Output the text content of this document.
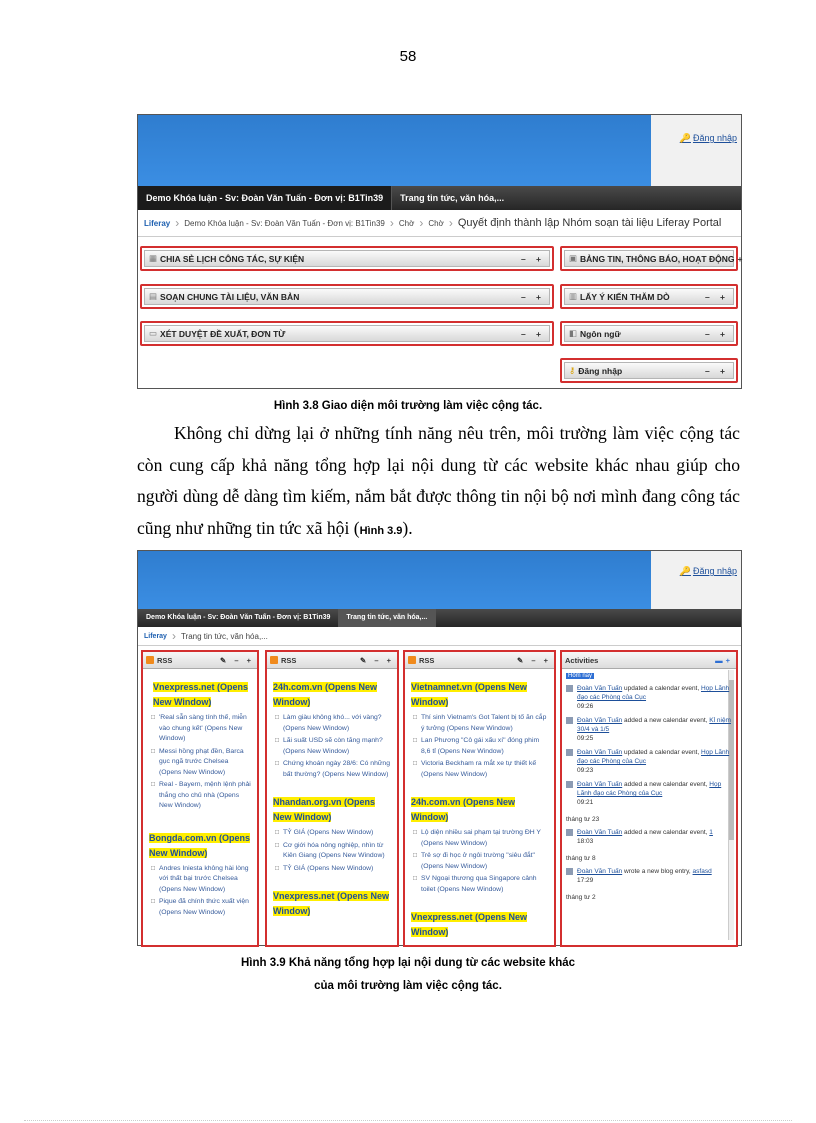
58
🔑 Đăng nhập
Demo Khóa luận - Sv: Đoàn Văn Tuấn - Đơn vị: B1Tin39	Trang tin tức, văn hóa,...
Liferay › Demo Khóa luận - Sv: Đoàn Văn Tuấn - Đơn vị: B1Tin39 › Chờ › Chờ › Quyết định thành lập Nhóm soạn tài liệu Liferay Portal
▦ CHIA SẺ LỊCH CÔNG TÁC, SỰ KIỆN	– +
▤ SOẠN CHUNG TÀI LIỆU, VĂN BẢN	– +
▭ XÉT DUYỆT ĐỀ XUẤT, ĐƠN TỪ	– +
▣ BẢNG TIN, THÔNG BÁO, HOẠT ĐỘNG +
▥ LẤY Ý KIẾN THĂM DÒ	– +
◧ Ngôn ngữ	– +
⚷ Đăng nhập	– +
Hình 3.8 Giao diện môi trường làm việc cộng tác.

Không chỉ dừng lại ở những tính năng nêu trên, môi trường làm việc cộng tác còn cung cấp khả năng tổng hợp lại nội dung từ các website khác nhau giúp cho người dùng dễ dàng tìm kiếm, nắm bắt được thông tin nội bộ nơi mình đang công tác cũng như những tin tức xã hội (Hình 3.9).

🔑 Đăng nhập
Demo Khóa luận - Sv: Đoàn Văn Tuấn - Đơn vị: B1Tin39	Trang tin tức, văn hóa,...
Liferay › Trang tin tức, văn hóa,...
RSS	✎ – +
Vnexpress.net (Opens New Window)
□ 'Real sẵn sàng tính thế, miễn vào chung kết' (Opens New Window)
□ Messi hồng phạt đền, Barca gục ngã trước Chelsea (Opens New Window)
□ Real - Bayern, mệnh lệnh phải thắng cho chủ nhà (Opens New Window)
Bongda.com.vn (Opens New Window)
□ Andres Iniesta không hài lòng với thất bại trước Chelsea (Opens New Window)
□ Pique đã chính thức xuất viện (Opens New Window)
RSS	✎ – +
24h.com.vn (Opens New Window)
□ Làm giàu không khó... với vàng? (Opens New Window)
□ Lãi suất USD sẽ còn tăng mạnh? (Opens New Window)
□ Chứng khoán ngày 28/6: Có những bất thường? (Opens New Window)
Nhandan.org.vn (Opens New Window)
□ TỶ GIÁ (Opens New Window)
□ Cơ giới hóa nông nghiệp, nhìn từ Kiên Giang (Opens New Window)
□ TỶ GIÁ (Opens New Window)
Vnexpress.net (Opens New Window)
RSS	✎ – +
Vietnamnet.vn (Opens New Window)
□ Thí sinh Vietnam's Got Talent bị tố ăn cắp ý tưởng (Opens New Window)
□ Lan Phương "Cô gái xấu xí" đóng phim 8,6 tỉ (Opens New Window)
□ Victoria Beckham ra mắt xe tự thiết kế (Opens New Window)
24h.com.vn (Opens New Window)
□ Lộ diện nhiều sai phạm tại trường ĐH Y (Opens New Window)
□ Trẻ sợ đi học ở ngôi trường "siêu đắt" (Opens New Window)
□ SV Ngoại thương qua Singapore cảnh toilet (Opens New Window)
Vnexpress.net (Opens New Window)
Activities	▬+
Hôm nay
Đoàn Văn Tuấn updated a calendar event, Họp Lãnh đạo các Phòng của Cục
09:26
Đoàn Văn Tuấn added a new calendar event, Kỉ niệm 30/4 và 1/5
09:25
Đoàn Văn Tuấn updated a calendar event, Họp Lãnh đạo các Phòng của Cục
09:23
Đoàn Văn Tuấn added a new calendar event, Họp Lãnh đạo các Phòng của Cục
09:21
tháng tư 23
Đoàn Văn Tuấn added a new calendar event, 1
18:03
tháng tư 8
Đoàn Văn Tuấn wrote a new blog entry, asfasd
17:29
tháng tư 2
Hình 3.9 Khả năng tổng hợp lại nội dung từ các website khác
của môi trường làm việc cộng tác.
